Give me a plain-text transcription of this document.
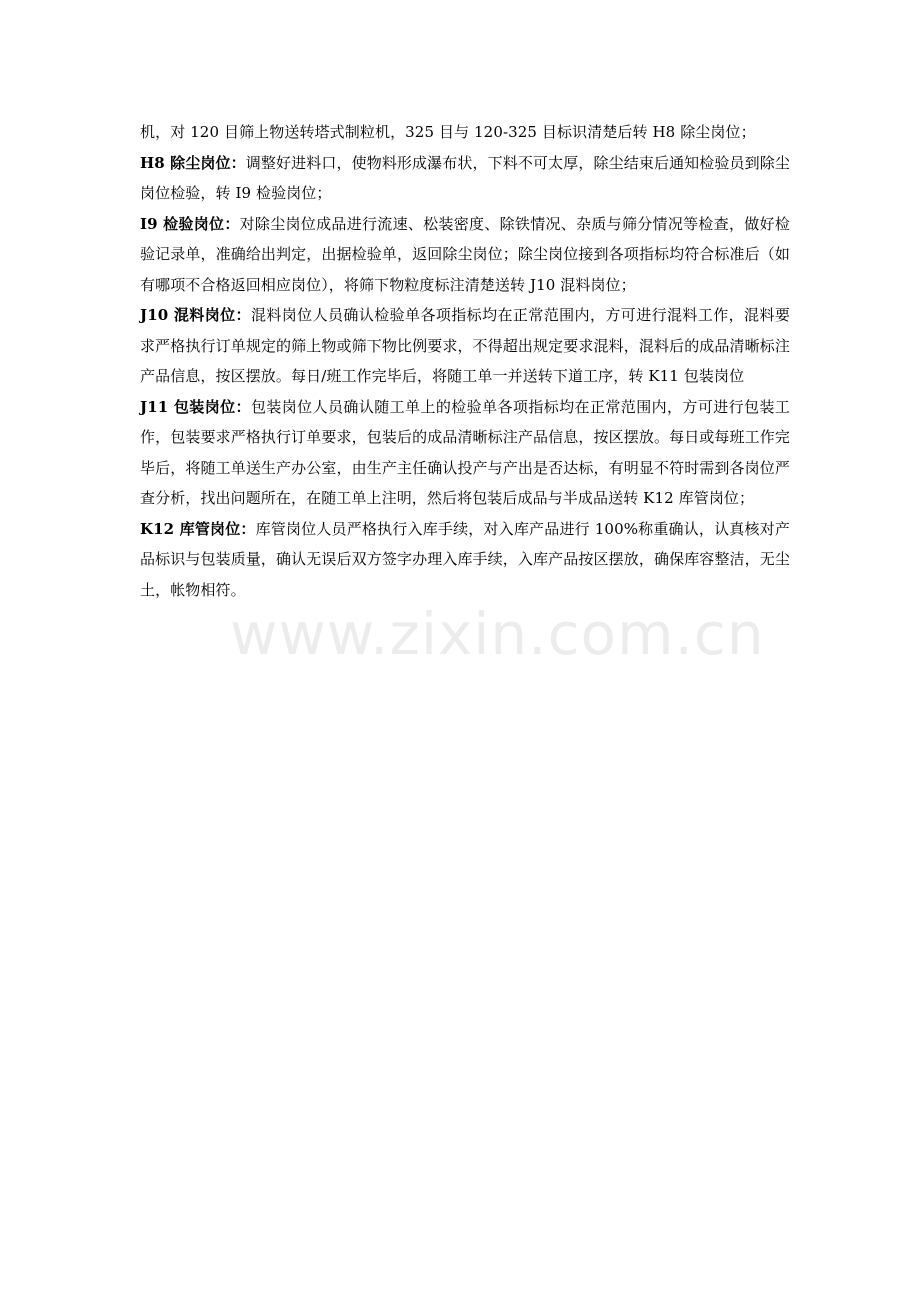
机，对 120 目筛上物送转塔式制粒机，325 目与 120-325 目标识清楚后转 H8 除尘岗位；

H8 除尘岗位：调整好进料口，使物料形成瀑布状，下料不可太厚，除尘结束后通知检验员到除尘岗位检验，转 I9 检验岗位；

I9 检验岗位：对除尘岗位成品进行流速、松装密度、除铁情况、杂质与筛分情况等检查，做好检验记录单，准确给出判定，出据检验单，返回除尘岗位；除尘岗位接到各项指标均符合标准后（如有哪项不合格返回相应岗位），将筛下物粒度标注清楚送转 J10 混料岗位；

J10 混料岗位：混料岗位人员确认检验单各项指标均在正常范围内，方可进行混料工作，混料要求严格执行订单规定的筛上物或筛下物比例要求，不得超出规定要求混料，混料后的成品清晰标注产品信息，按区摆放。每日/班工作完毕后，将随工单一并送转下道工序，转 K11 包装岗位

J11 包装岗位：包装岗位人员确认随工单上的检验单各项指标均在正常范围内，方可进行包装工作，包装要求严格执行订单要求，包装后的成品清晰标注产品信息，按区摆放。每日或每班工作完毕后，将随工单送生产办公室，由生产主任确认投产与产出是否达标，有明显不符时需到各岗位严查分析，找出问题所在，在随工单上注明，然后将包装后成品与半成品送转 K12 库管岗位；

K12 库管岗位：库管岗位人员严格执行入库手续，对入库产品进行 100%称重确认，认真核对产品标识与包装质量，确认无误后双方签字办理入库手续，入库产品按区摆放，确保库容整洁，无尘土，帐物相符。

www.zixin.com.cn
